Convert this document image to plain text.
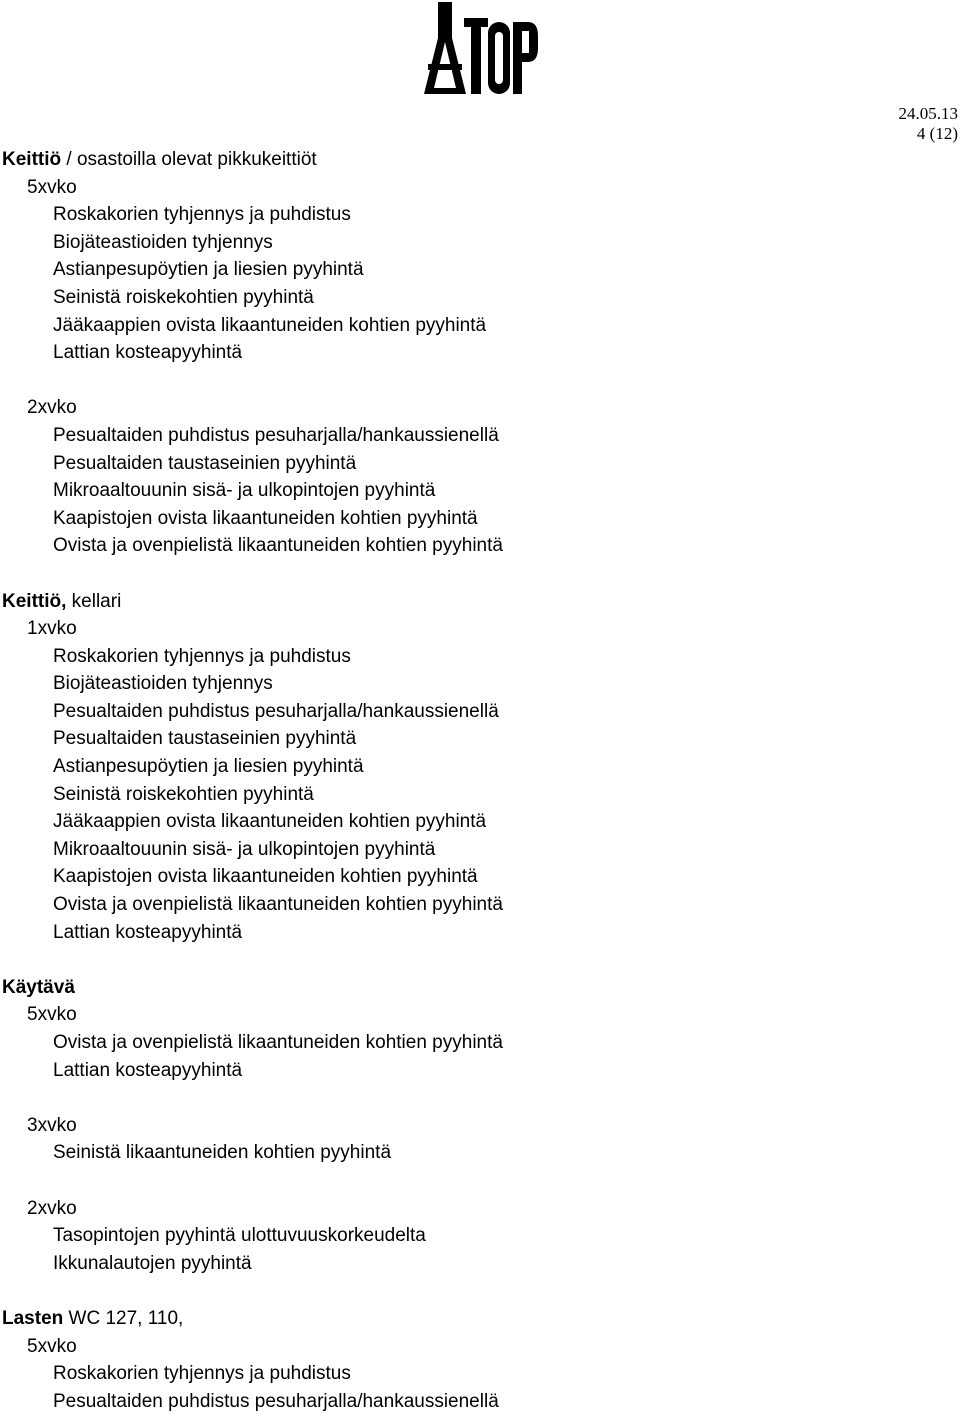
24.05.13
4 (12)
Keittiö / osastoilla olevat pikkukeittiöt
5xvko
Roskakorien tyhjennys ja puhdistus
Biojäteastioiden tyhjennys
Astianpesupöytien ja liesien pyyhintä
Seinistä roiskekohtien pyyhintä
Jääkaappien ovista likaantuneiden kohtien pyyhintä
Lattian kosteapyyhintä
2xvko
Pesualtaiden puhdistus pesuharjalla/hankaussienellä
Pesualtaiden taustaseinien pyyhintä
Mikroaaltouunin sisä- ja ulkopintojen pyyhintä
Kaapistojen ovista likaantuneiden kohtien pyyhintä
Ovista ja ovenpielistä likaantuneiden kohtien pyyhintä
Keittiö, kellari
1xvko
Roskakorien tyhjennys ja puhdistus
Biojäteastioiden tyhjennys
Pesualtaiden puhdistus pesuharjalla/hankaussienellä
Pesualtaiden taustaseinien pyyhintä
Astianpesupöytien ja liesien pyyhintä
Seinistä roiskekohtien pyyhintä
Jääkaappien ovista likaantuneiden kohtien pyyhintä
Mikroaaltouunin sisä- ja ulkopintojen pyyhintä
Kaapistojen ovista likaantuneiden kohtien pyyhintä
Ovista ja ovenpielistä likaantuneiden kohtien pyyhintä
Lattian kosteapyyhintä
Käytävä
5xvko
Ovista ja ovenpielistä likaantuneiden kohtien pyyhintä
Lattian kosteapyyhintä
3xvko
Seinistä likaantuneiden kohtien pyyhintä
2xvko
Tasopintojen pyyhintä ulottuvuuskorkeudelta
Ikkunalautojen pyyhintä
Lasten WC 127, 110,
5xvko
Roskakorien tyhjennys ja puhdistus
Pesualtaiden puhdistus pesuharjalla/hankaussienellä
